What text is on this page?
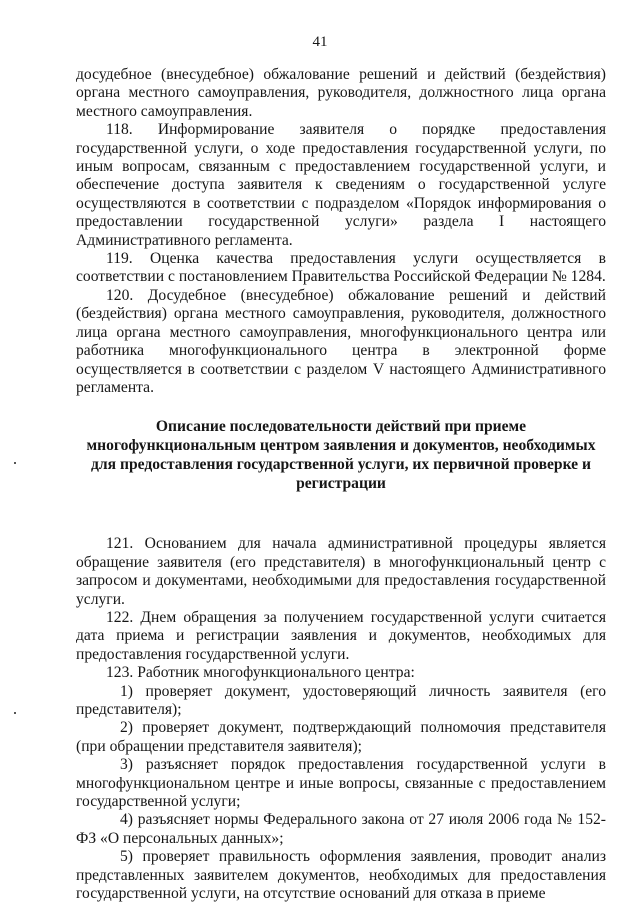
41

досудебное (внесудебное) обжалование решений и действий (бездействия) органа местного самоуправления, руководителя, должностного лица органа местного самоуправления.

118. Информирование заявителя о порядке предоставления государственной услуги, о ходе предоставления государственной услуги, по иным вопросам, связанным с предоставлением государственной услуги, и обеспечение доступа заявителя к сведениям о государственной услуге осуществляются в соответствии с подразделом «Порядок информирования о предоставлении государственной услуги» раздела I настоящего Административного регламента.

119. Оценка качества предоставления услуги осуществляется в соответствии с постановлением Правительства Российской Федерации № 1284.

120. Досудебное (внесудебное) обжалование решений и действий (бездействия) органа местного самоуправления, руководителя, должностного лица органа местного самоуправления, многофункционального центра или работника многофункционального центра в электронной форме осуществляется в соответствии с разделом V настоящего Административного регламента.

Описание последовательности действий при приеме многофункциональным центром заявления и документов, необходимых для предоставления государственной услуги, их первичной проверке и регистрации

121. Основанием для начала административной процедуры является обращение заявителя (его представителя) в многофункциональный центр с запросом и документами, необходимыми для предоставления государственной услуги.

122. Днем обращения за получением государственной услуги считается дата приема и регистрации заявления и документов, необходимых для предоставления государственной услуги.

123. Работник многофункционального центра:

1) проверяет документ, удостоверяющий личность заявителя (его представителя);

2) проверяет документ, подтверждающий полномочия представителя (при обращении представителя заявителя);

3) разъясняет порядок предоставления государственной услуги в многофункциональном центре и иные вопросы, связанные с предоставлением государственной услуги;

4) разъясняет нормы Федерального закона от 27 июля 2006 года № 152-ФЗ «О персональных данных»;

5) проверяет правильность оформления заявления, проводит анализ представленных заявителем документов, необходимых для предоставления государственной услуги, на отсутствие оснований для отказа в приеме
